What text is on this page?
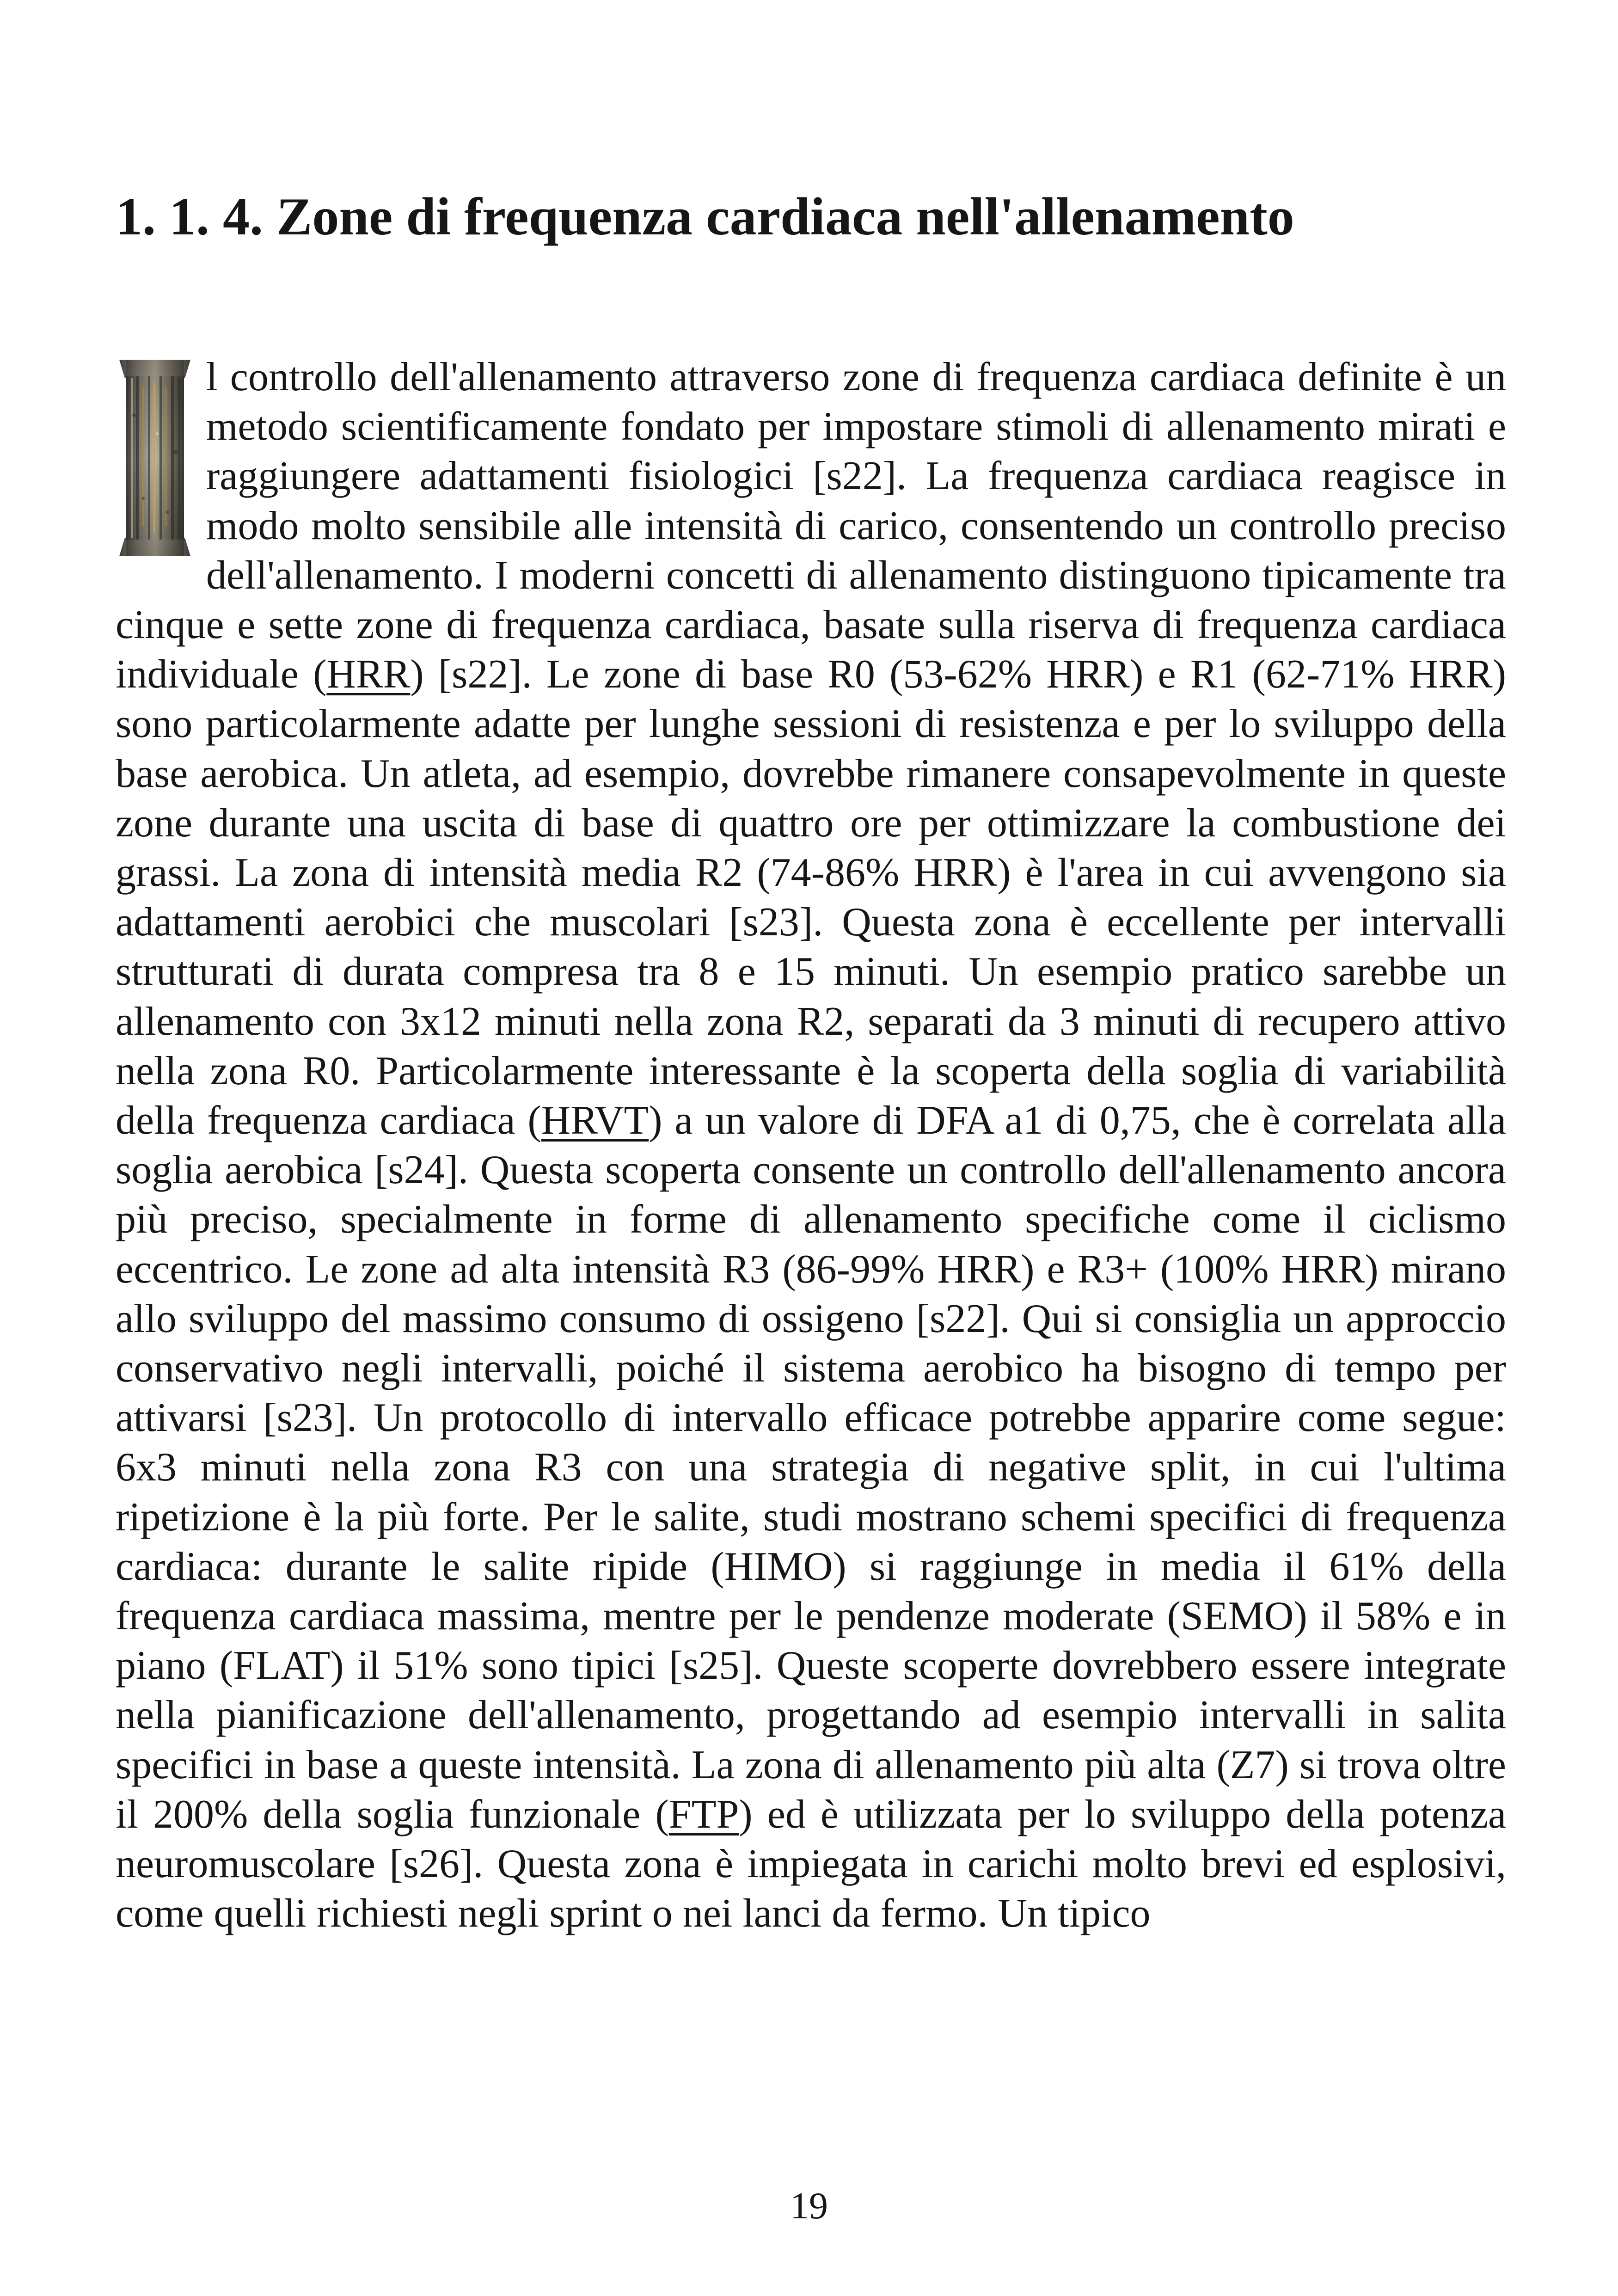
1. 1. 4. Zone di frequenza cardiaca nell'allenamento

l controllo dell'allenamento attraverso zone di frequenza cardiaca definite è un metodo scientificamente fondato per impostare stimoli di allenamento mirati e raggiungere adattamenti fisiologici [s22]. La frequenza cardiaca reagisce in modo molto sensibile alle intensità di carico, consentendo un controllo preciso dell'allenamento. I moderni concetti di allenamento distinguono tipicamente tra cinque e sette zone di frequenza cardiaca, basate sulla riserva di frequenza cardiaca individuale (HRR) [s22]. Le zone di base R0 (53-62% HRR) e R1 (62-71% HRR) sono particolarmente adatte per lunghe sessioni di resistenza e per lo sviluppo della base aerobica. Un atleta, ad esempio, dovrebbe rimanere consapevolmente in queste zone durante una uscita di base di quattro ore per ottimizzare la combustione dei grassi. La zona di intensità media R2 (74-86% HRR) è l'area in cui avvengono sia adattamenti aerobici che muscolari [s23]. Questa zona è eccellente per intervalli strutturati di durata compresa tra 8 e 15 minuti. Un esempio pratico sarebbe un allenamento con 3x12 minuti nella zona R2, separati da 3 minuti di recupero attivo nella zona R0. Particolarmente interessante è la scoperta della soglia di variabilità della frequenza cardiaca (HRVT) a un valore di DFA a1 di 0,75, che è correlata alla soglia aerobica [s24]. Questa scoperta consente un controllo dell'allenamento ancora più preciso, specialmente in forme di allenamento specifiche come il ciclismo eccentrico. Le zone ad alta intensità R3 (86-99% HRR) e R3+ (100% HRR) mirano allo sviluppo del massimo consumo di ossigeno [s22]. Qui si consiglia un approccio conservativo negli intervalli, poiché il sistema aerobico ha bisogno di tempo per attivarsi [s23]. Un protocollo di intervallo efficace potrebbe apparire come segue: 6x3 minuti nella zona R3 con una strategia di negative split, in cui l'ultima ripetizione è la più forte. Per le salite, studi mostrano schemi specifici di frequenza cardiaca: durante le salite ripide (HIMO) si raggiunge in media il 61% della frequenza cardiaca massima, mentre per le pendenze moderate (SEMO) il 58% e in piano (FLAT) il 51% sono tipici [s25]. Queste scoperte dovrebbero essere integrate nella pianificazione dell'allenamento, progettando ad esempio intervalli in salita specifici in base a queste intensità. La zona di allenamento più alta (Z7) si trova oltre il 200% della soglia funzionale (FTP) ed è utilizzata per lo sviluppo della potenza neuromuscolare [s26]. Questa zona è impiegata in carichi molto brevi ed esplosivi, come quelli richiesti negli sprint o nei lanci da fermo. Un tipico

19
